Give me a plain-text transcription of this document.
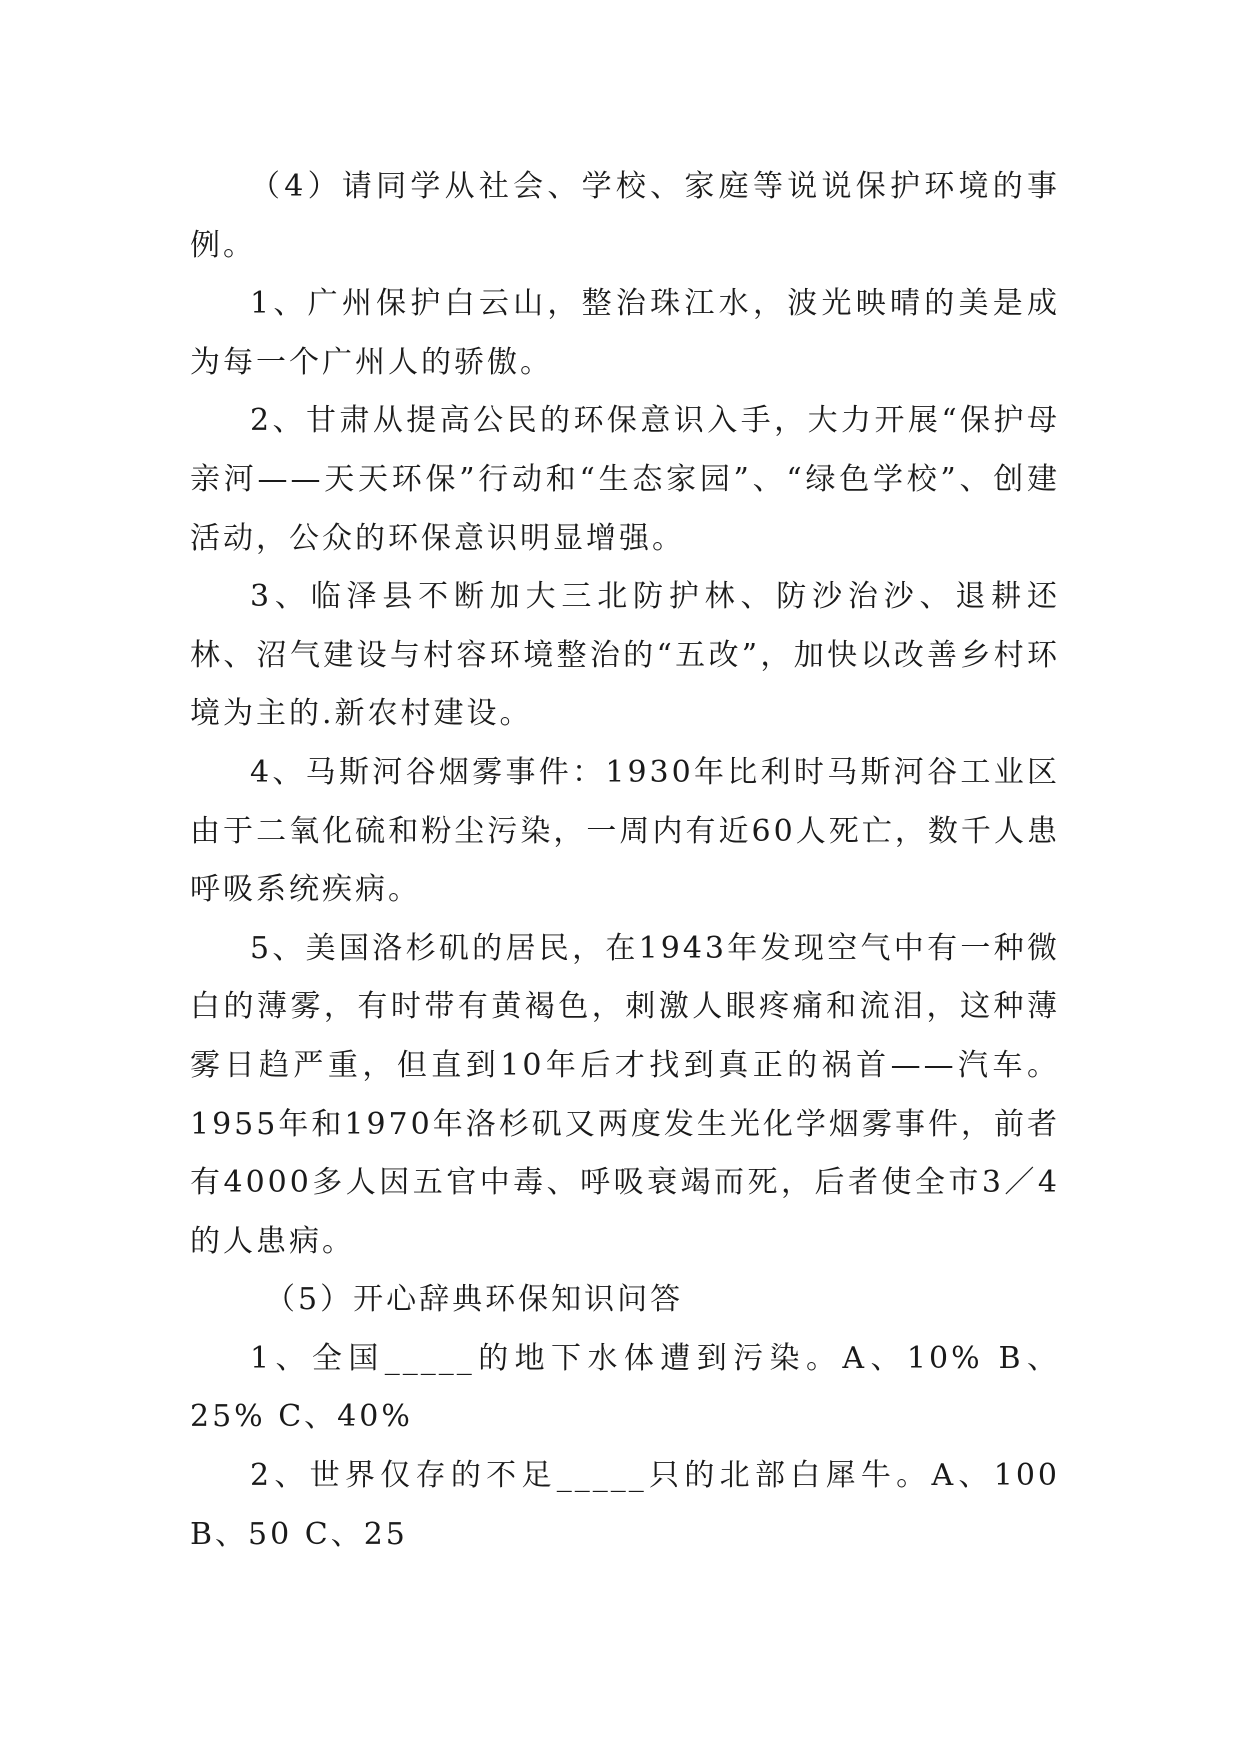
（4）请同学从社会、学校、家庭等说说保护环境的事例。

1、广州保护白云山，整治珠江水，波光映晴的美是成为每一个广州人的骄傲。

2、甘肃从提高公民的环保意识入手，大力开展“保护母亲河——天天环保”行动和“生态家园”、“绿色学校”、创建活动，公众的环保意识明显增强。

3、临泽县不断加大三北防护林、防沙治沙、退耕还林、沼气建设与村容环境整治的“五改”，加快以改善乡村环境为主的.新农村建设。

4、马斯河谷烟雾事件：1930年比利时马斯河谷工业区由于二氧化硫和粉尘污染，一周内有近60人死亡，数千人患呼吸系统疾病。

5、美国洛杉矶的居民，在1943年发现空气中有一种微白的薄雾，有时带有黄褐色，刺激人眼疼痛和流泪，这种薄雾日趋严重，但直到10年后才找到真正的祸首——汽车。1955年和1970年洛杉矶又两度发生光化学烟雾事件，前者有4000多人因五官中毒、呼吸衰竭而死，后者使全市3／4的人患病。

（5）开心辞典环保知识问答

1、全国_____的地下水体遭到污染。A、10% B、25% C、40%

2、世界仅存的不足_____只的北部白犀牛。A、100 B、50 C、25
